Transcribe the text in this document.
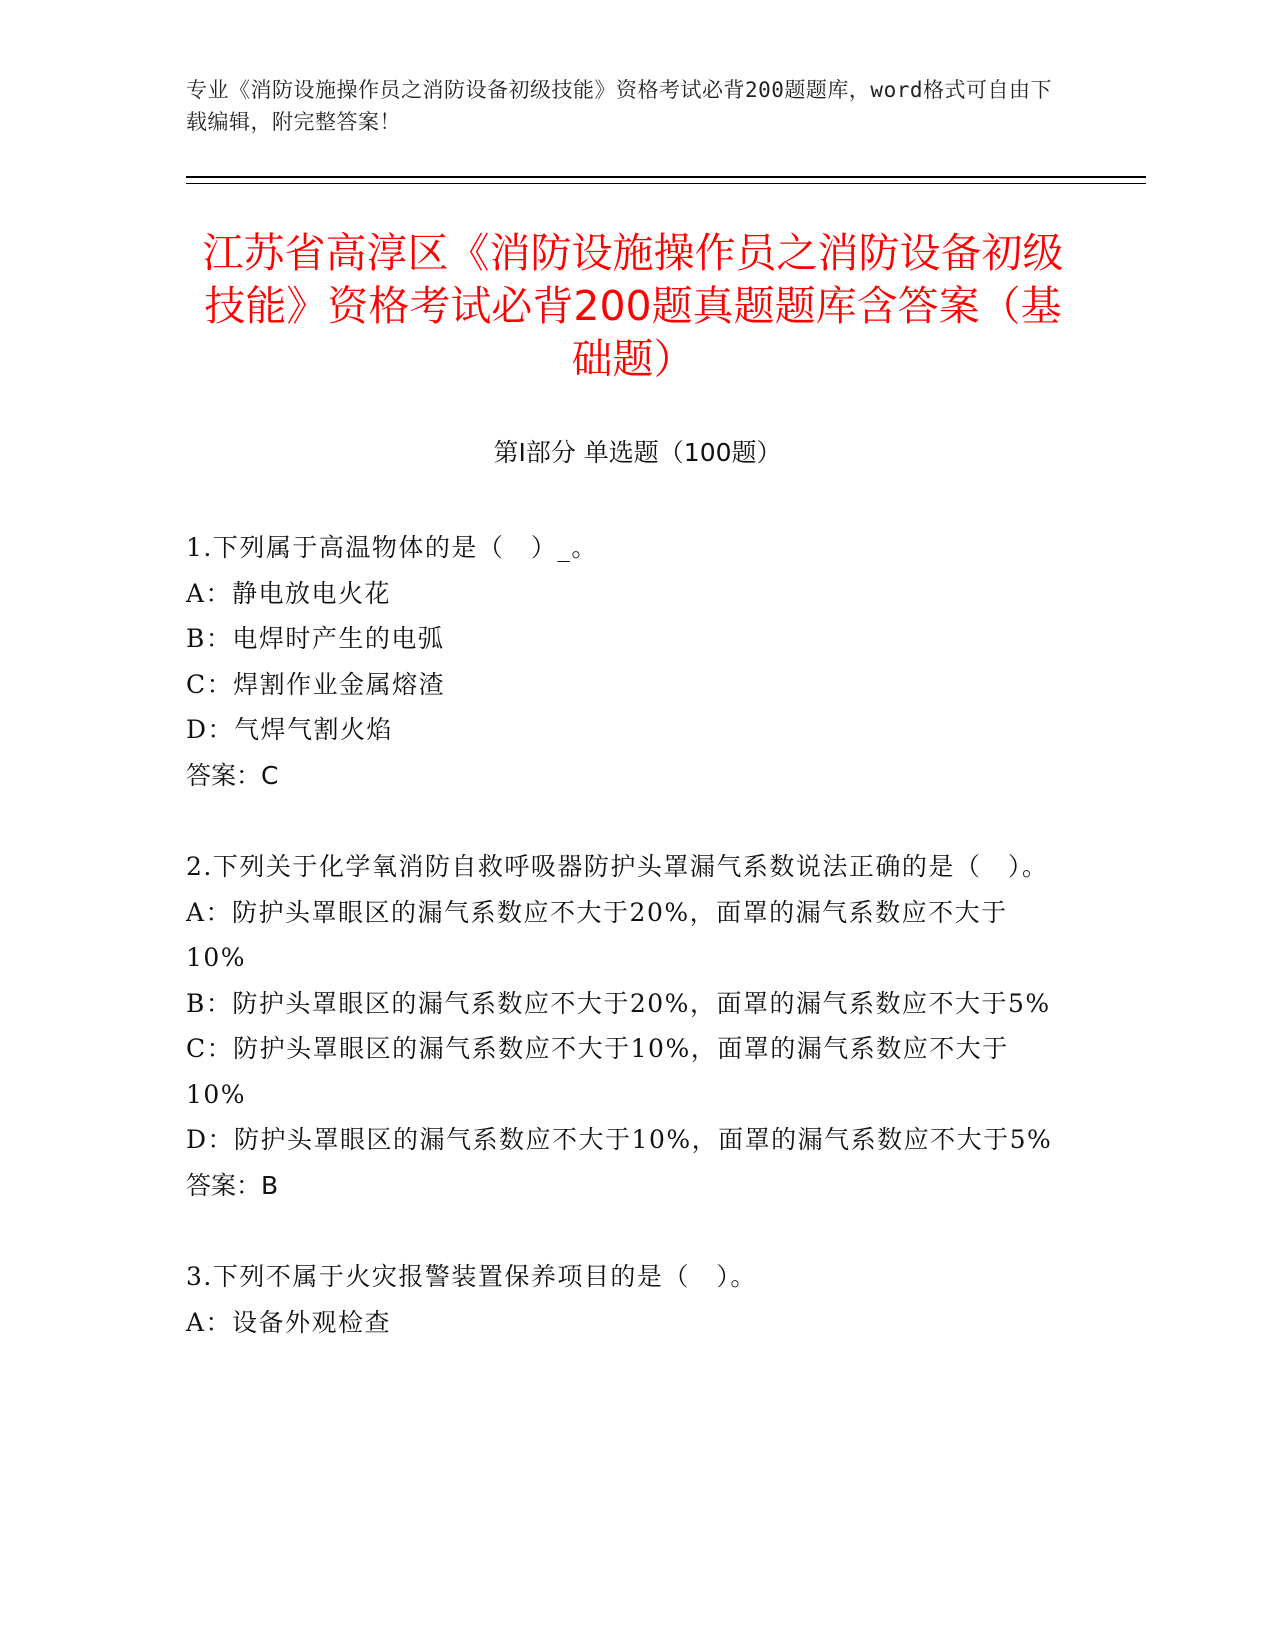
专业《消防设施操作员之消防设备初级技能》资格考试必背200题题库，word格式可自由下载编辑，附完整答案！
江苏省高淳区《消防设施操作员之消防设备初级技能》资格考试必背200题真题题库含答案（基础题）
第Ⅰ部分 单选题（100题）
1.下列属于高温物体的是（　）_。
A：静电放电火花
B：电焊时产生的电弧
C：焊割作业金属熔渣
D：气焊气割火焰
答案：C
2.下列关于化学氧消防自救呼吸器防护头罩漏气系数说法正确的是（　）。
A：防护头罩眼区的漏气系数应不大于20%，面罩的漏气系数应不大于10%
B：防护头罩眼区的漏气系数应不大于20%，面罩的漏气系数应不大于5%
C：防护头罩眼区的漏气系数应不大于10%，面罩的漏气系数应不大于10%
D：防护头罩眼区的漏气系数应不大于10%，面罩的漏气系数应不大于5%
答案：B
3.下列不属于火灾报警装置保养项目的是（　）。
A：设备外观检查
